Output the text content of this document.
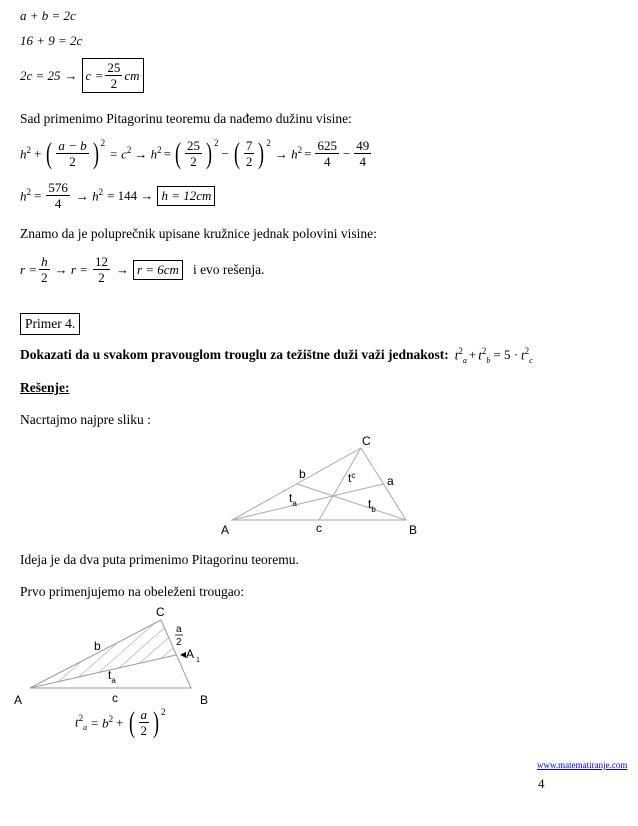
a + b = 2c
16 + 9 = 2c
$2c = 25 \to c = \frac{25}{2}$ cm
Sad primenimo Pitagorinu teoremu da nađemo dužinu visine:
$h^2$ + ( $\frac{a - b}{2} )^2$
= $c^2 \to h^2$ = ( $\frac{25}{2} )^2$
− ( $\frac{7}{2} )^2$
→ $h^2 = \frac{625}{4} - \frac{49}{4}$
$h^2 = \frac{576}{4} \to h^2 = 144 \to h = 12cm$
Znamo da je poluprečnik upisane kružnice jednak polovini visine:
$r = \frac{h}{2} \to r = \frac{12}{2} \to r = 6cm$ i evo rešenja.
Primer 4.
Dokazati da u svakom pravouglom trouglu za težištne duži važi jednakost: $t^2_a + t^2_b = 5 \cdot t^2_c$
Rešenje:
Nacrtajmo najpre sliku :
A	B
C
b	a
c
$t^c$
$t_a$	$t_b$
Ideja je da dva puta primenimo Pitagorinu teoremu.
Prvo primenjujemo na obeleženi trougao:
A	B
C
b
c
a
2
◂A $_1$
$t_a$
$t^2_a = b^2$ + ( $\frac{a}{2} )^2$
www.matematiranje.com
4
